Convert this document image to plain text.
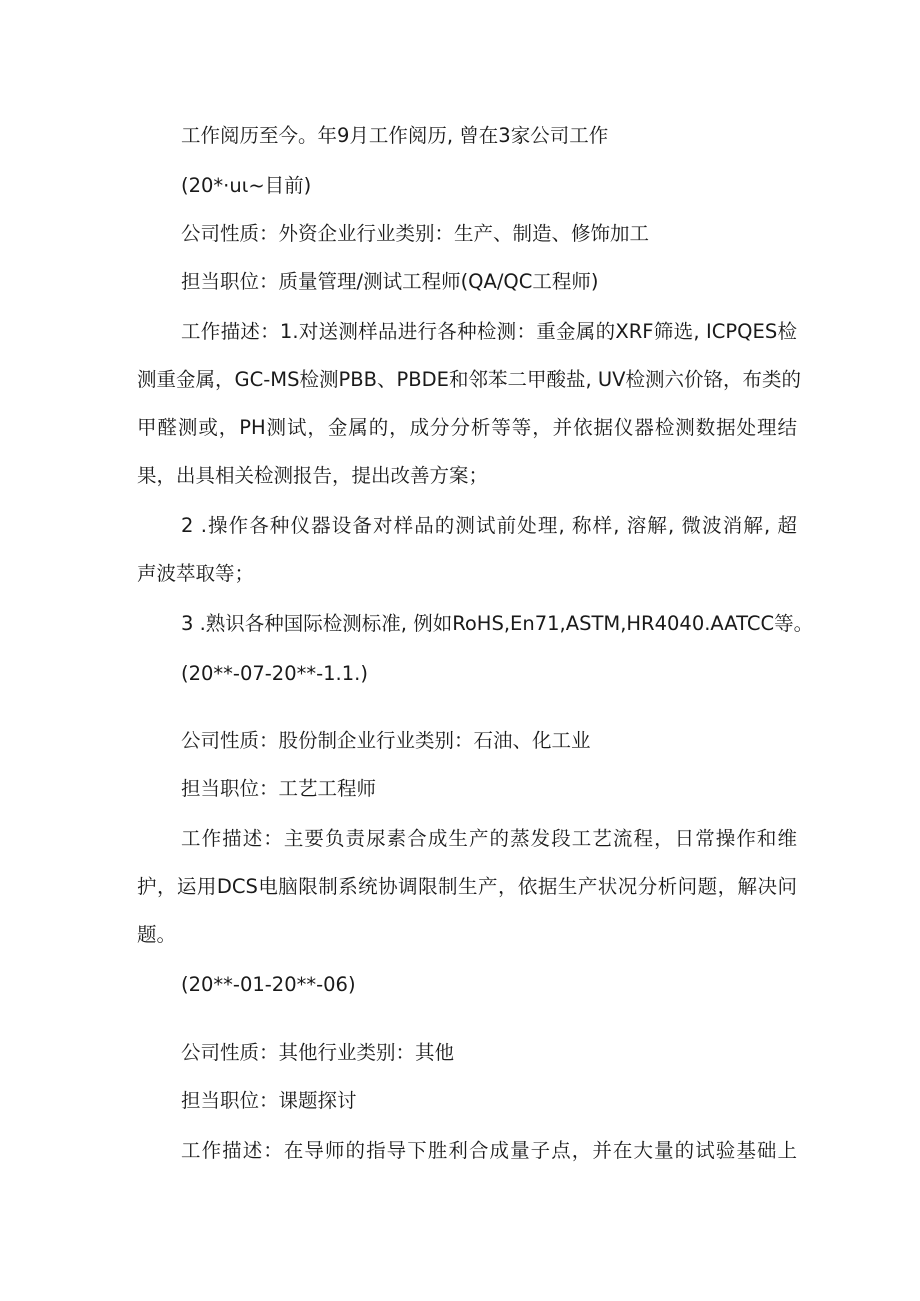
工作阅历至今。年9月工作阅历, 曾在3家公司工作
(20*·uι~目前)
公司性质：外资企业行业类别：生产、制造、修饰加工
担当职位：质量管理/测试工程师(QA/QC工程师)
工作描述：1.对送测样品进行各种检测：重金属的XRF筛选, ICPQES检
测重金属，GC-MS检测PBB、PBDE和邻苯二甲酸盐, UV检测六价铬，布类的
甲醛测或，PH测试，金属的，成分分析等等，并依据仪器检测数据处理结
果，出具相关检测报告，提出改善方案；
2 .操作各种仪器设备对样品的测试前处理, 称样, 溶解, 微波消解, 超
声波萃取等；
3 .熟识各种国际检测标准, 例如RoHS,En71,ASTM,HR4040.AATCC等。
(20**-07-20**-1.1.)
公司性质：股份制企业行业类别：石油、化工业
担当职位：工艺工程师
工作描述：主要负责尿素合成生产的蒸发段工艺流程，日常操作和维
护，运用DCS电脑限制系统协调限制生产，依据生产状况分析问题，解决问
题。
(20**-01-20**-06)
公司性质：其他行业类别：其他
担当职位：课题探讨
工作描述：在导师的指导下胜利合成量子点，并在大量的试验基础上
